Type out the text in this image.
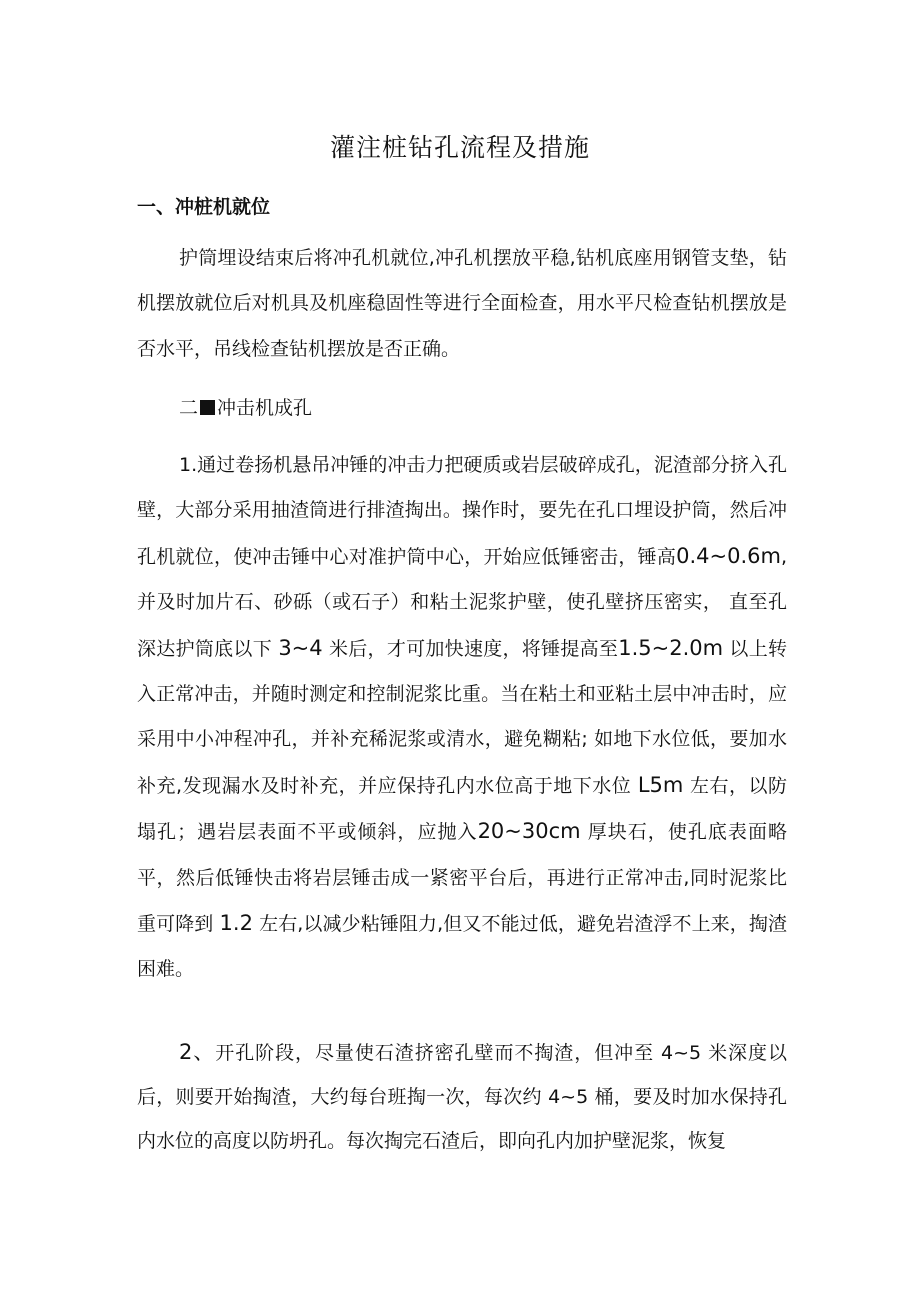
灌注桩钻孔流程及措施
一、冲桩机就位

护筒埋设结束后将冲孔机就位,冲孔机摆放平稳,钻机底座用钢管支垫，钻机摆放就位后对机具及机座稳固性等进行全面检查，用水平尺检查钻机摆放是否水平，吊线检查钻机摆放是否正确。

二 冲击机成孔

1.通过卷扬机悬吊冲锤的冲击力把硬质或岩层破碎成孔，泥渣部分挤入孔壁，大部分采用抽渣筒进行排渣掏出。操作时，要先在孔口埋设护筒，然后冲孔机就位，使冲击锤中心对准护筒中心，开始应低锤密击，锤高0.4~0.6m,并及时加片石、砂砾（或石子）和粘土泥浆护壁，使孔壁挤压密实， 直至孔深达护筒底以下 3~4 米后，才可加快速度，将锤提高至1.5~2.0m 以上转入正常冲击，并随时测定和控制泥浆比重。当在粘土和亚粘土层中冲击时，应采用中小冲程冲孔，并补充稀泥浆或清水，避免糊粘; 如地下水位低，要加水补充,发现漏水及时补充，并应保持孔内水位高于地下水位 L5m 左右，以防塌孔；遇岩层表面不平或倾斜，应抛入20~30cm 厚块石，使孔底表面略平，然后低锤快击将岩层锤击成一紧密平台后，再进行正常冲击,同时泥浆比重可降到 1.2 左右,以减少粘锤阻力,但又不能过低，避免岩渣浮不上来，掏渣困难。

2、开孔阶段，尽量使石渣挤密孔壁而不掏渣，但冲至 4~5 米深度以后，则要开始掏渣，大约每台班掏一次，每次约 4~5 桶，要及时加水保持孔内水位的高度以防坍孔。每次掏完石渣后，即向孔内加护壁泥浆，恢复
